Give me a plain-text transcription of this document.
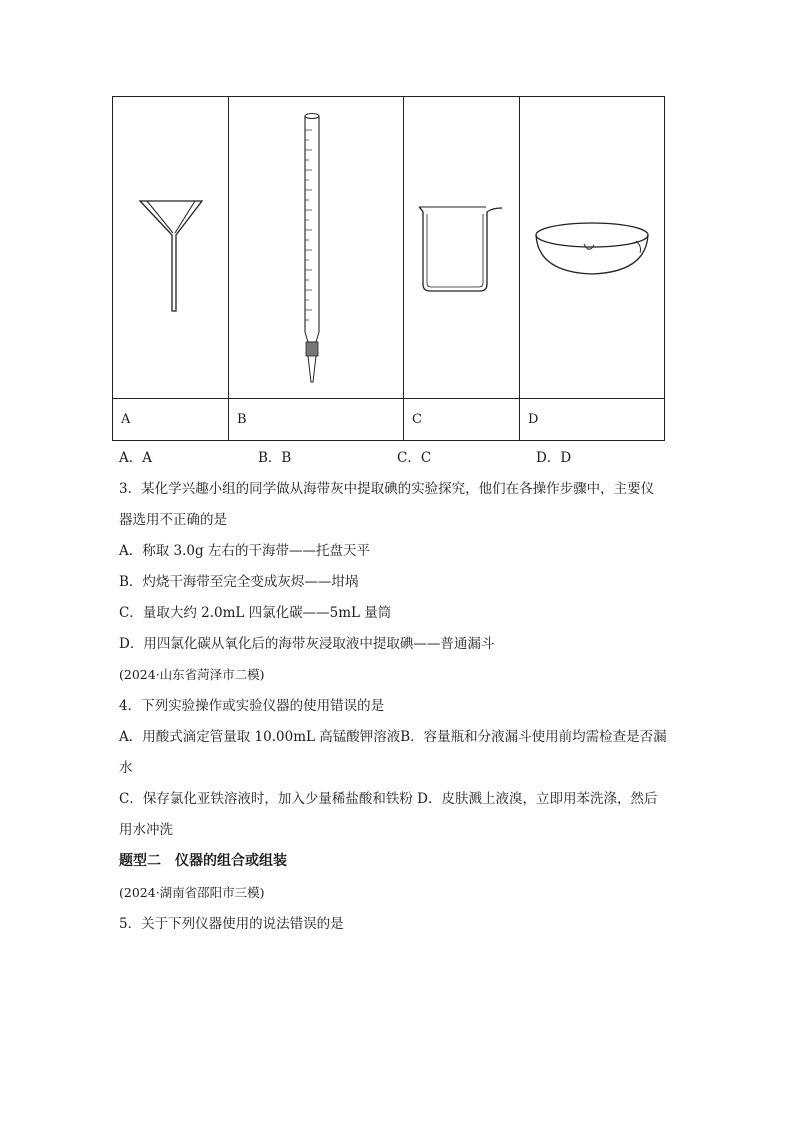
A	B	C	D
A．A	B．B	C．C	D．D
3．某化学兴趣小组的同学做从海带灰中提取碘的实验探究，他们在各操作步骤中，主要仪
器选用不正确的是
A．称取 3.0g 左右的干海带——托盘天平
B．灼烧干海带至完全变成灰烬——坩埚
C．量取大约 2.0mL 四氯化碳——5mL 量筒
D．用四氯化碳从氧化后的海带灰浸取液中提取碘——普通漏斗
(2024·山东省菏泽市二模)
4．下列实验操作或实验仪器的使用错误的是
A．用酸式滴定管量取 10.00mL 高锰酸钾溶液B．容量瓶和分液漏斗使用前均需检查是否漏
水
C．保存氯化亚铁溶液时，加入少量稀盐酸和铁粉 D．皮肤溅上液溴，立即用苯洗涤，然后
用水冲洗
题型二　仪器的组合或组装
(2024·湖南省邵阳市三模)
5．关于下列仪器使用的说法错误的是
